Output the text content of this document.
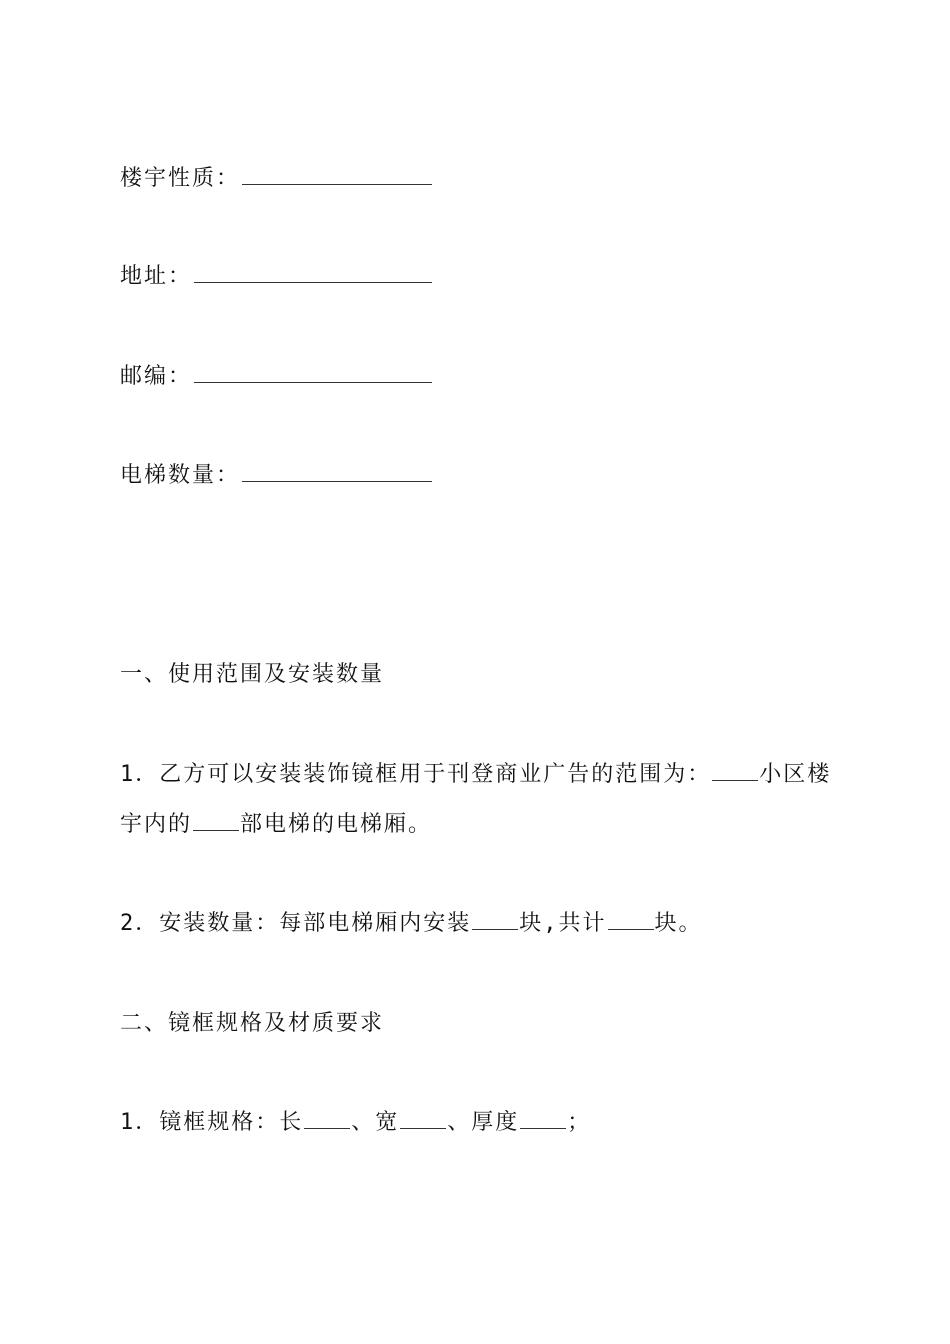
楼宇性质：
地址：
邮编：
电梯数量：
一、使用范围及安装数量
1．乙方可以安装装饰镜框用于刊登商业广告的范围为： 小区楼
宇内的 部电梯的电梯厢。
2．安装数量：每部电梯厢内安装 块,共计 块。
二、镜框规格及材质要求
1．镜框规格：长 、宽 、厚度 ；
